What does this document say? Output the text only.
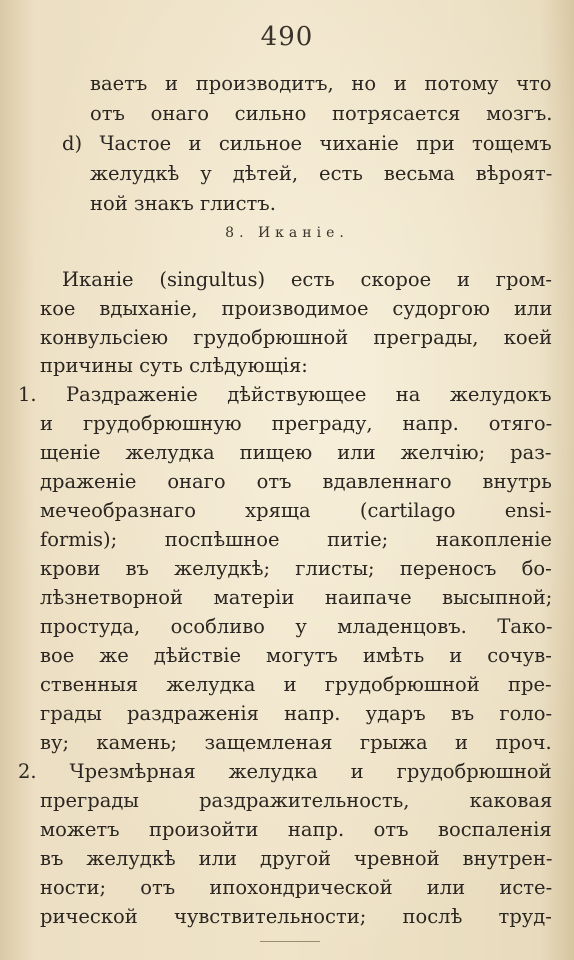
490
ваетъ и производитъ, но и потому что
отъ онаго сильно потрясается мозгъ.
d) Частое и сильное чиханіе при тощемъ
желудкѣ у дѣтей, есть весьма вѣроят-
ной знакъ глистъ.
8. Иканіе.
Иканіе (singultus) есть скорое и гром-
кое вдыханіе, производимое судоргою или
конвульсіею грудобрюшной преграды, коей
причины суть слѣдующія:
1. Раздраженіе дѣйствующее на желудокъ
и грудобрюшную преграду, напр. отяго-
щеніе желудка пищею или желчію; раз-
драженіе онаго отъ вдавленнаго внутрь
мечеобразнаго хряща (cartilago ensi-
formis); поспѣшное питіе; накопленіе
крови въ желудкѣ; глисты; переносъ бо-
лѣзнетворной матеріи наипаче высыпной;
простуда, особливо у младенцовъ. Тако-
вое же дѣйствіе могутъ имѣть и сочув-
ственныя желудка и грудобрюшной пре-
грады раздраженія напр. ударъ въ голо-
ву; камень; защемленая грыжа и проч.
2. Чрезмѣрная желудка и грудобрюшной
преграды раздражительность, каковая
можетъ произойти напр. отъ воспаленія
въ желудкѣ или другой чревной внутрен-
ности; отъ ипохондрической или исте-
рической чувствительности; послѣ труд-
